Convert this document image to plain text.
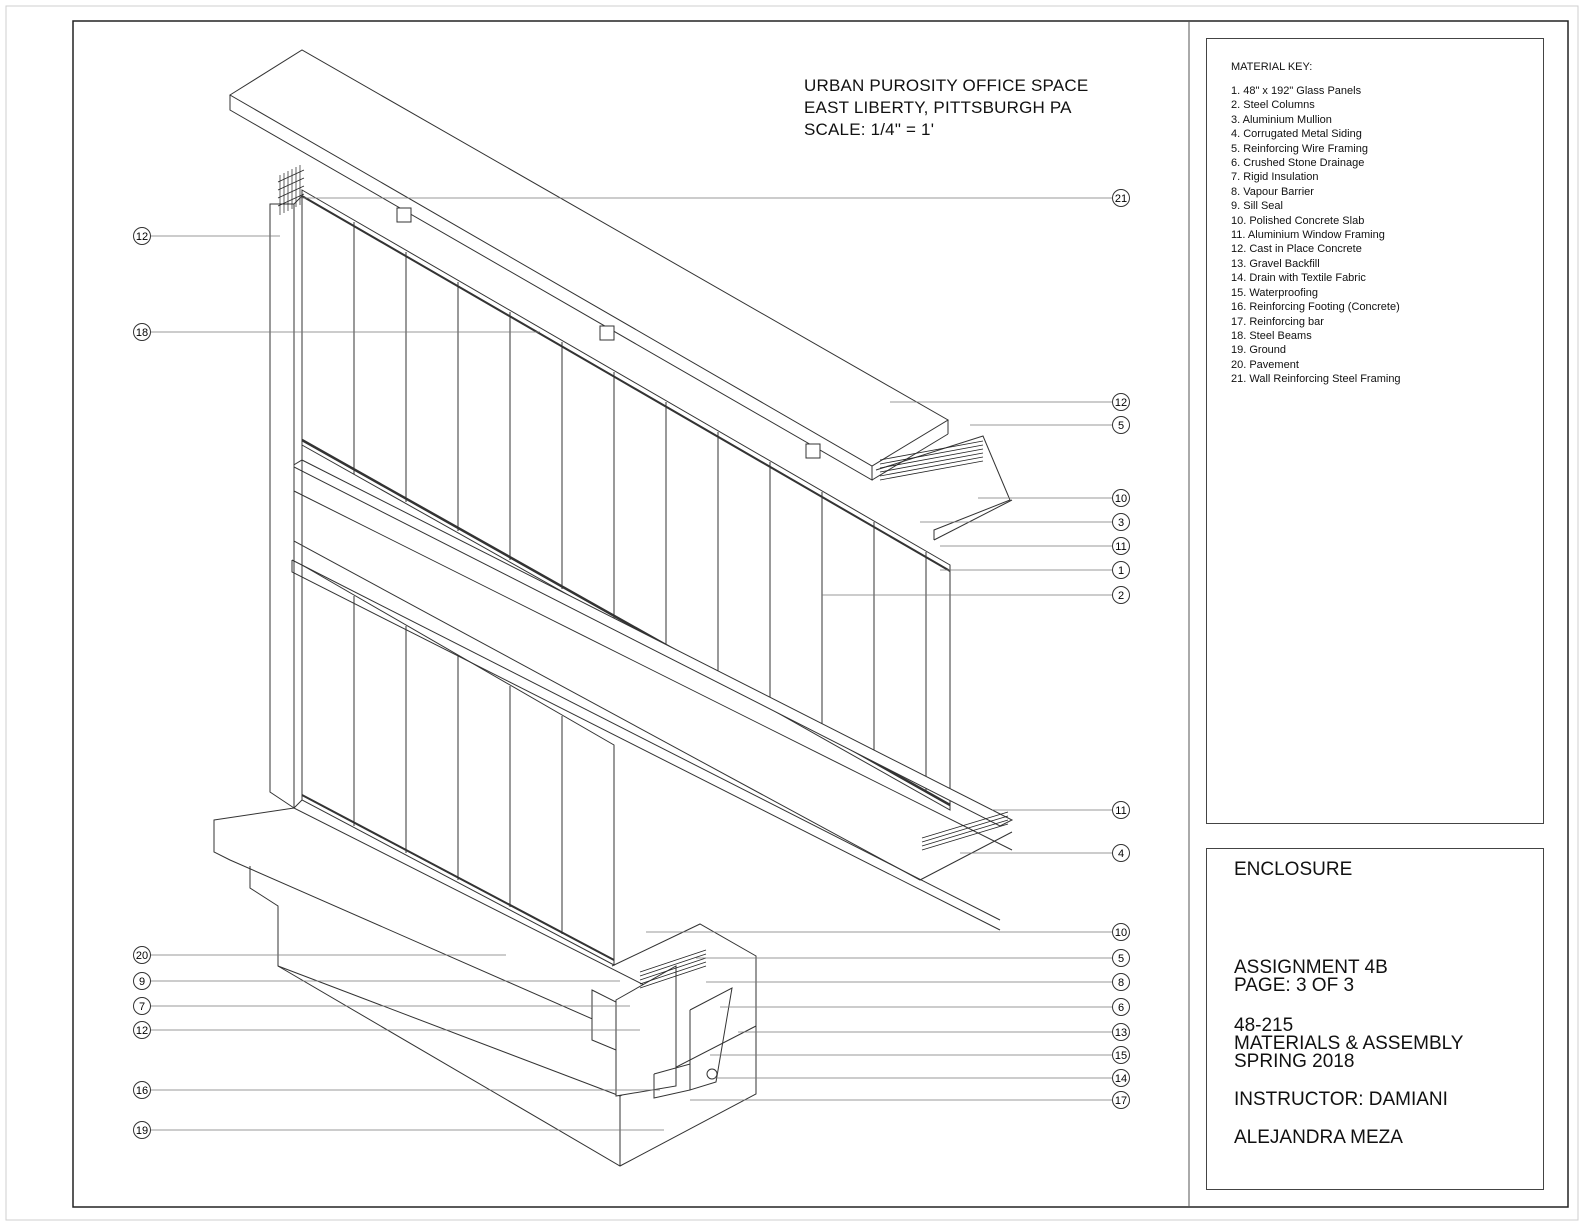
12
18
20
9
7
12
16
19
21
12
5
10
3
11
1
2
11
4
10
5
8
6
13
15
14
17
URBAN PUROSITY OFFICE SPACE
EAST LIBERTY, PITTSBURGH PA
SCALE: 1/4" = 1'
MATERIAL KEY:
1. 48" x 192" Glass Panels
2. Steel Columns
3. Aluminium Mullion
4. Corrugated Metal Siding
5. Reinforcing Wire Framing
6. Crushed Stone Drainage
7. Rigid Insulation
8. Vapour Barrier
9. Sill Seal
10. Polished Concrete Slab
11. Aluminium Window Framing
12. Cast in Place Concrete
13. Gravel Backfill
14. Drain with Textile Fabric
15. Waterproofing
16. Reinforcing Footing (Concrete)
17. Reinforcing bar
18. Steel Beams
19. Ground
20. Pavement
21. Wall Reinforcing Steel Framing
ENCLOSURE
ASSIGNMENT 4B
PAGE: 3 OF 3
48-215
MATERIALS & ASSEMBLY
SPRING 2018
INSTRUCTOR: DAMIANI
ALEJANDRA MEZA
